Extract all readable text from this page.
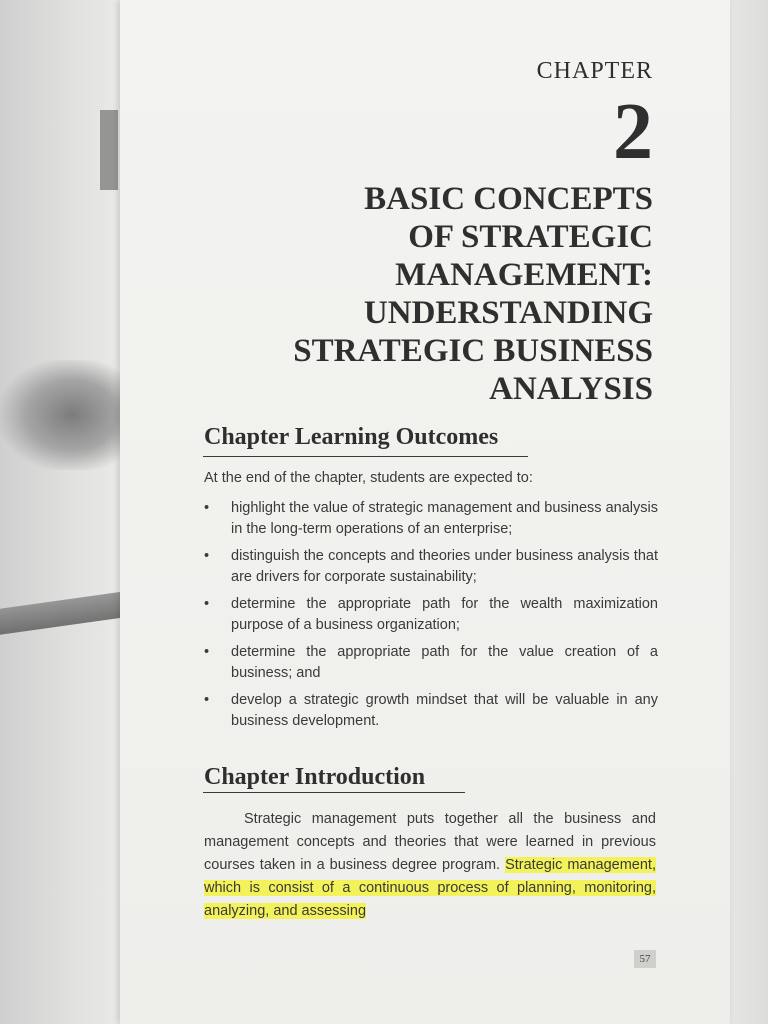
CHAPTER
2
BASIC CONCEPTS
OF STRATEGIC
MANAGEMENT:
UNDERSTANDING
STRATEGIC BUSINESS
ANALYSIS
Chapter Learning Outcomes

At the end of the chapter, students are expected to:

• highlight the value of strategic management and business analysis in the long-term operations of an enterprise;
• distinguish the concepts and theories under business analysis that are drivers for corporate sustainability;
• determine the appropriate path for the wealth maximization purpose of a business organization;
• determine the appropriate path for the value creation of a business; and
• develop a strategic growth mindset that will be valuable in any business development.
Chapter Introduction

Strategic management puts together all the business and management concepts and theories that were learned in previous courses taken in a business degree program. Strategic management, which is consist of a continuous process of planning, monitoring, analyzing, and assessing

57
